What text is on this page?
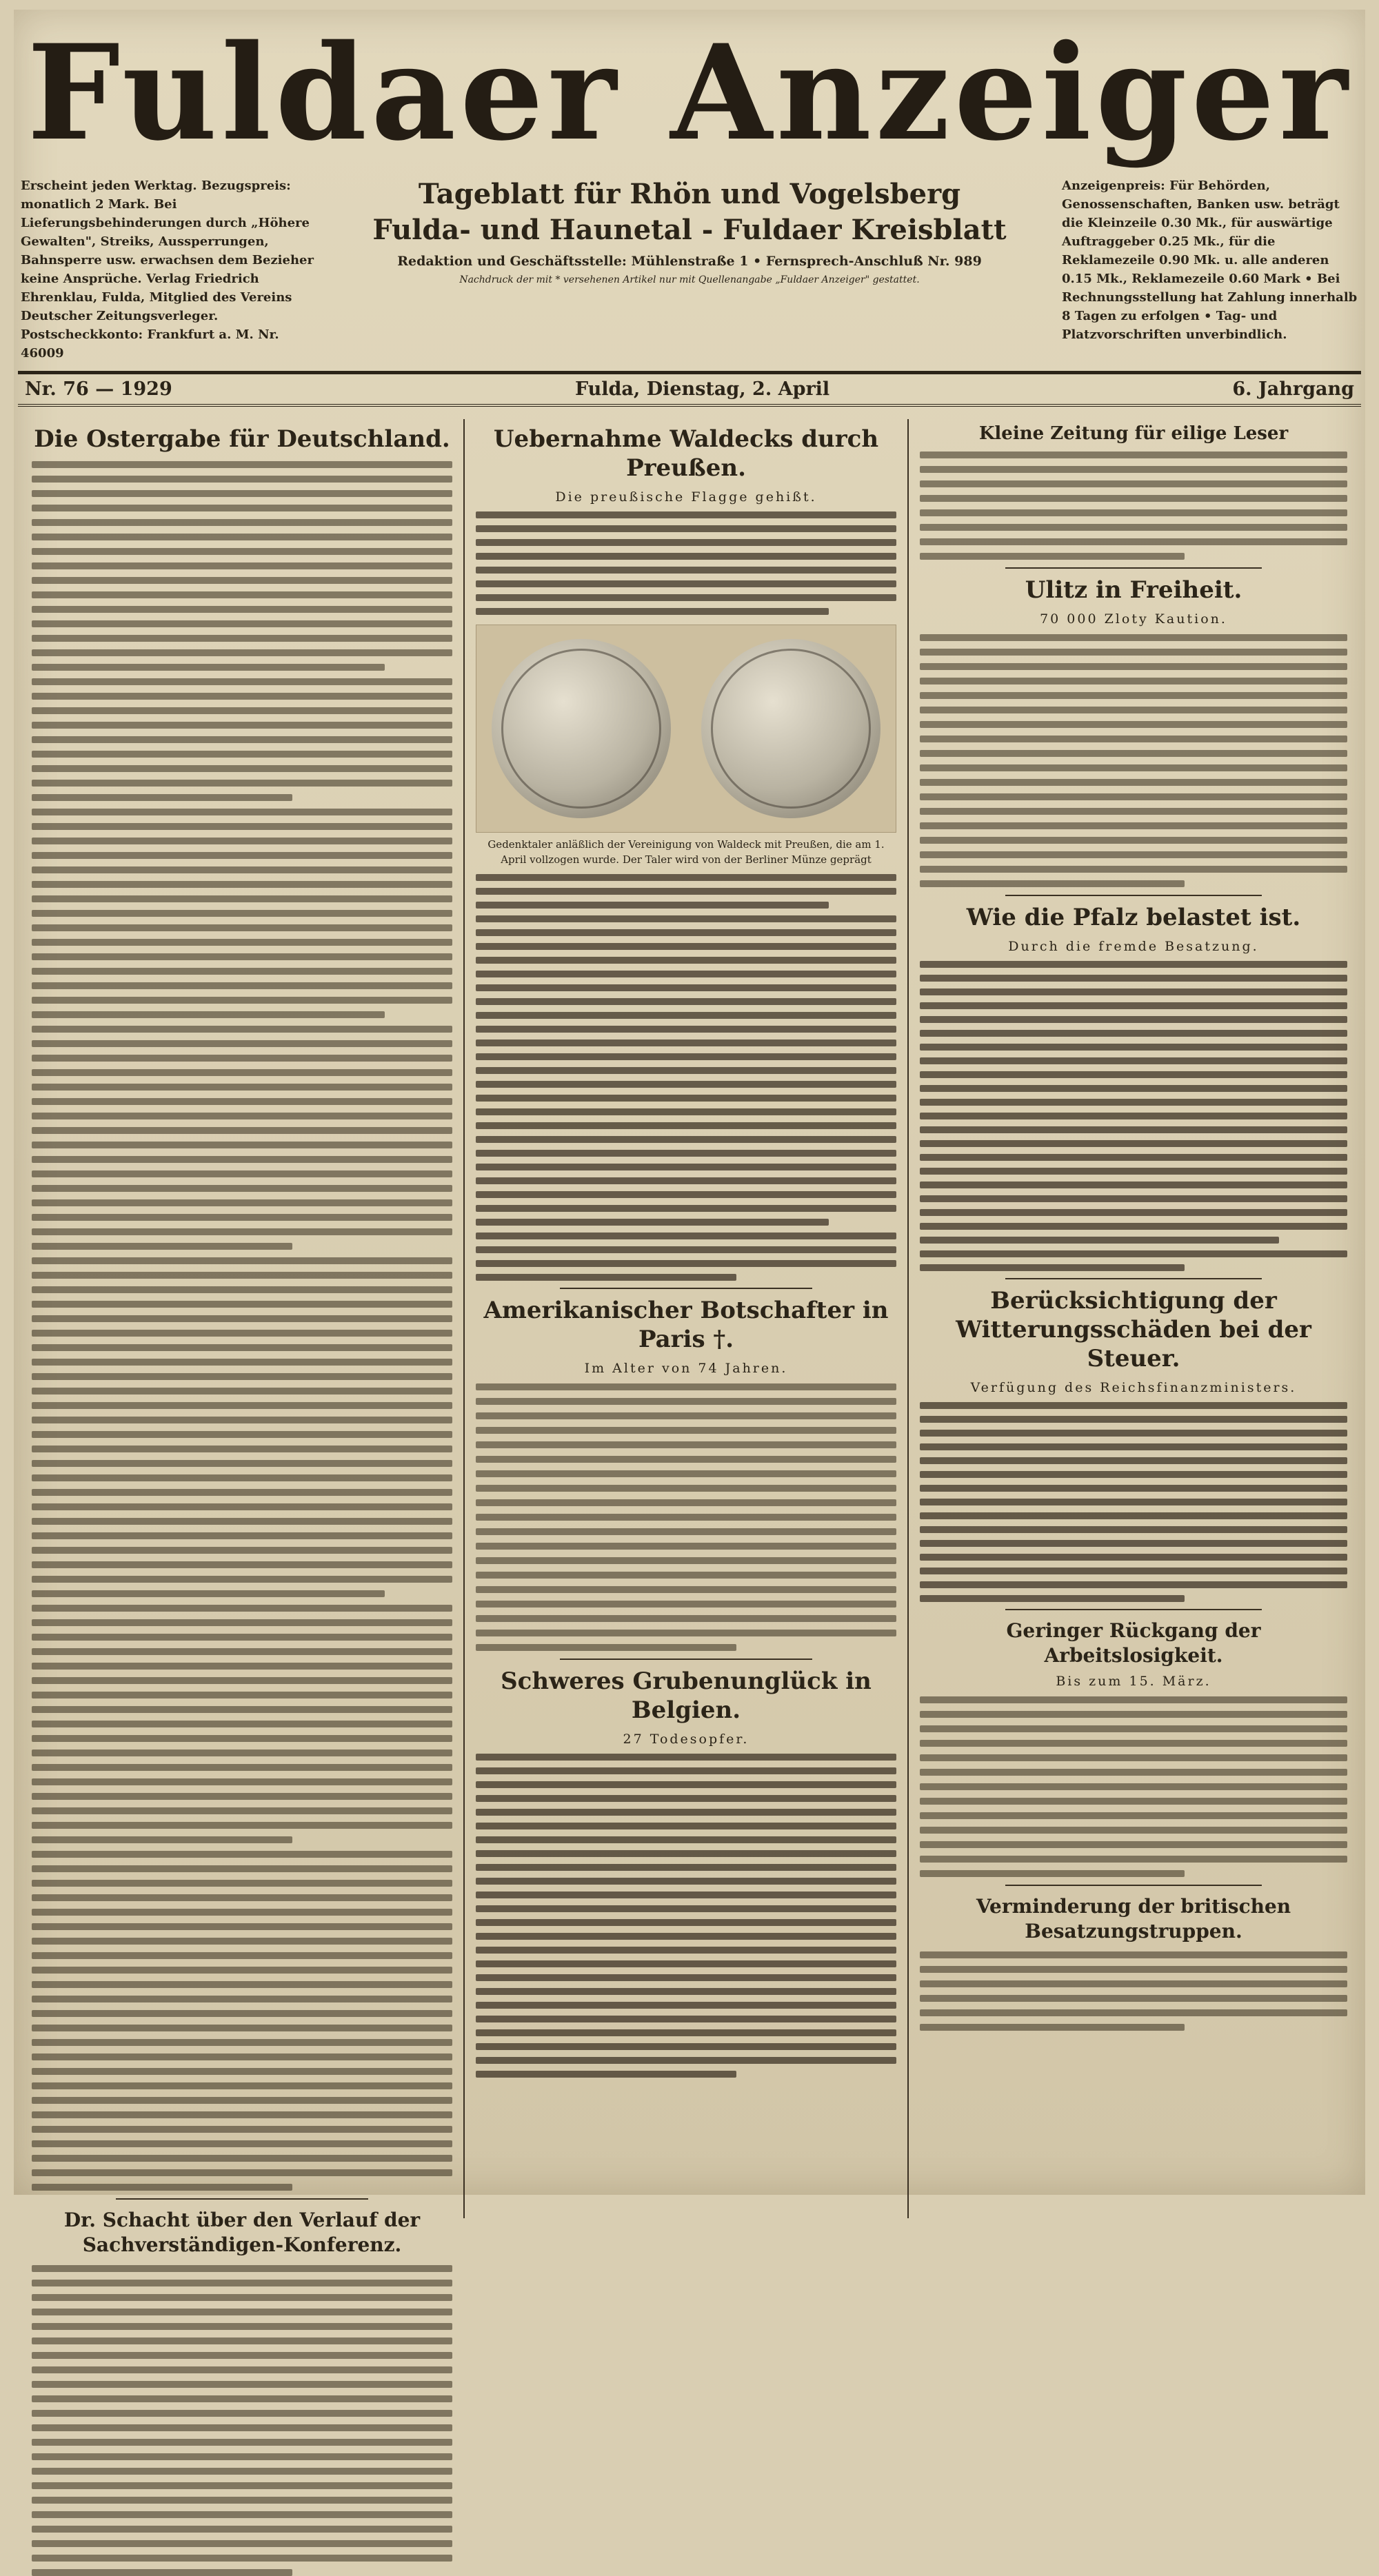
Fuldaer Anzeiger
Erscheint jeden Werktag. Bezugspreis: monatlich 2 Mark. Bei Lieferungsbehinderungen durch „Höhere Gewalten", Streiks, Aussperrungen, Bahnsperre usw. erwachsen dem Bezieher keine Ansprüche. Verlag Friedrich Ehrenklau, Fulda, Mitglied des Vereins Deutscher Zeitungsverleger. Postscheckkonto: Frankfurt a. M. Nr. 46009
Tageblatt für Rhön und Vogelsberg
Fulda- und Haunetal - Fuldaer Kreisblatt
Redaktion und Geschäftsstelle: Mühlenstraße 1 • Fernsprech-Anschluß Nr. 989
Nachdruck der mit * versehenen Artikel nur mit Quellenangabe „Fuldaer Anzeiger" gestattet.
Anzeigenpreis: Für Behörden, Genossenschaften, Banken usw. beträgt die Kleinzeile 0.30 Mk., für auswärtige Auftraggeber 0.25 Mk., für die Reklamezeile 0.90 Mk. u. alle anderen 0.15 Mk., Reklamezeile 0.60 Mark • Bei Rechnungsstellung hat Zahlung innerhalb 8 Tagen zu erfolgen • Tag- und Platzvorschriften unverbindlich.
Nr. 76 — 1929	Fulda, Dienstag, 2. April	6. Jahrgang
Die Ostergabe für Deutschland.
Dr. Schacht über den Verlauf der Sachverständigen-Konferenz.
Uebernahme Waldecks durch Preußen.
Die preußische Flagge gehißt.
Gedenktaler anläßlich der Vereinigung von Waldeck mit Preußen, die am 1. April vollzogen wurde. Der Taler wird von der Berliner Münze geprägt
Amerikanischer Botschafter in Paris †.
Im Alter von 74 Jahren.
Schweres Grubenunglück in Belgien.
27 Todesopfer.
Kleine Zeitung für eilige Leser
Ulitz in Freiheit.
70 000 Zloty Kaution.
Wie die Pfalz belastet ist.
Durch die fremde Besatzung.
Berücksichtigung der Witterungsschäden bei der Steuer.
Verfügung des Reichsfinanzministers.
Geringer Rückgang der Arbeitslosigkeit.
Bis zum 15. März.
Verminderung der britischen Besatzungstruppen.
